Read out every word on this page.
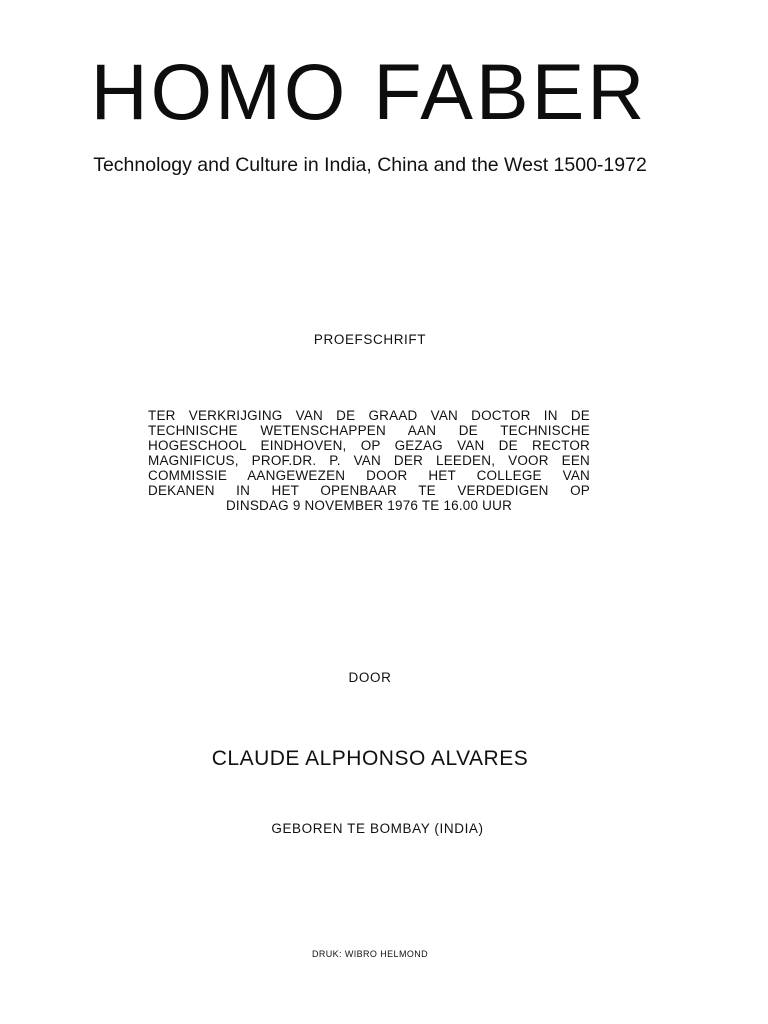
HOMO FABER
Technology and Culture in India, China and the West 1500-1972
PROEFSCHRIFT
TER VERKRIJGING VAN DE GRAAD VAN DOCTOR IN DE
TECHNISCHE WETENSCHAPPEN AAN DE TECHNISCHE
HOGESCHOOL EINDHOVEN, OP GEZAG VAN DE RECTOR
MAGNIFICUS, PROF.DR. P. VAN DER LEEDEN, VOOR EEN
COMMISSIE AANGEWEZEN DOOR HET COLLEGE VAN
DEKANEN IN HET OPENBAAR TE VERDEDIGEN OP
DINSDAG 9 NOVEMBER 1976 TE 16.00 UUR
DOOR
CLAUDE ALPHONSO ALVARES
GEBOREN TE BOMBAY (INDIA)
DRUK: WIBRO HELMOND
